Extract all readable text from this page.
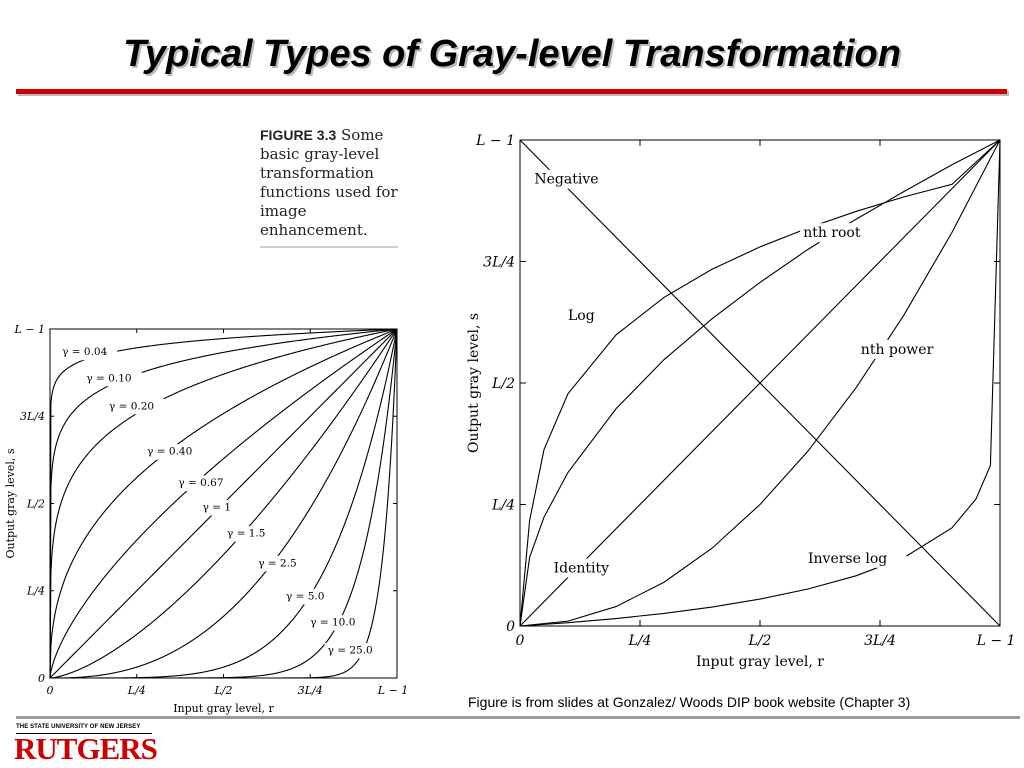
Typical Types of Gray-level Transformation
FIGURE 3.3 Some basic gray-level transformation functions used for image enhancement.
0	L/4	L/2	3L/4	L − 1
0
L/4
L/2
3L/4
L − 1
Input gray level, r
Output gray level, s
γ = 0.04
γ = 0.10
γ = 0.20
γ = 0.40
γ = 0.67
γ = 1
γ = 1.5
γ = 2.5
γ = 5.0
γ = 10.0
γ = 25.0
0	L/4	L/2	3L/4	L − 1
0
L/4
L/2
3L/4
L − 1
Input gray level, r
Output gray level, s
Negative
Log
nth root
Identity
nth power
Inverse log

Figure is from slides at Gonzalez/ Woods DIP book website (Chapter 3)

THE STATE UNIVERSITY OF NEW JERSEY
RUTGERS
